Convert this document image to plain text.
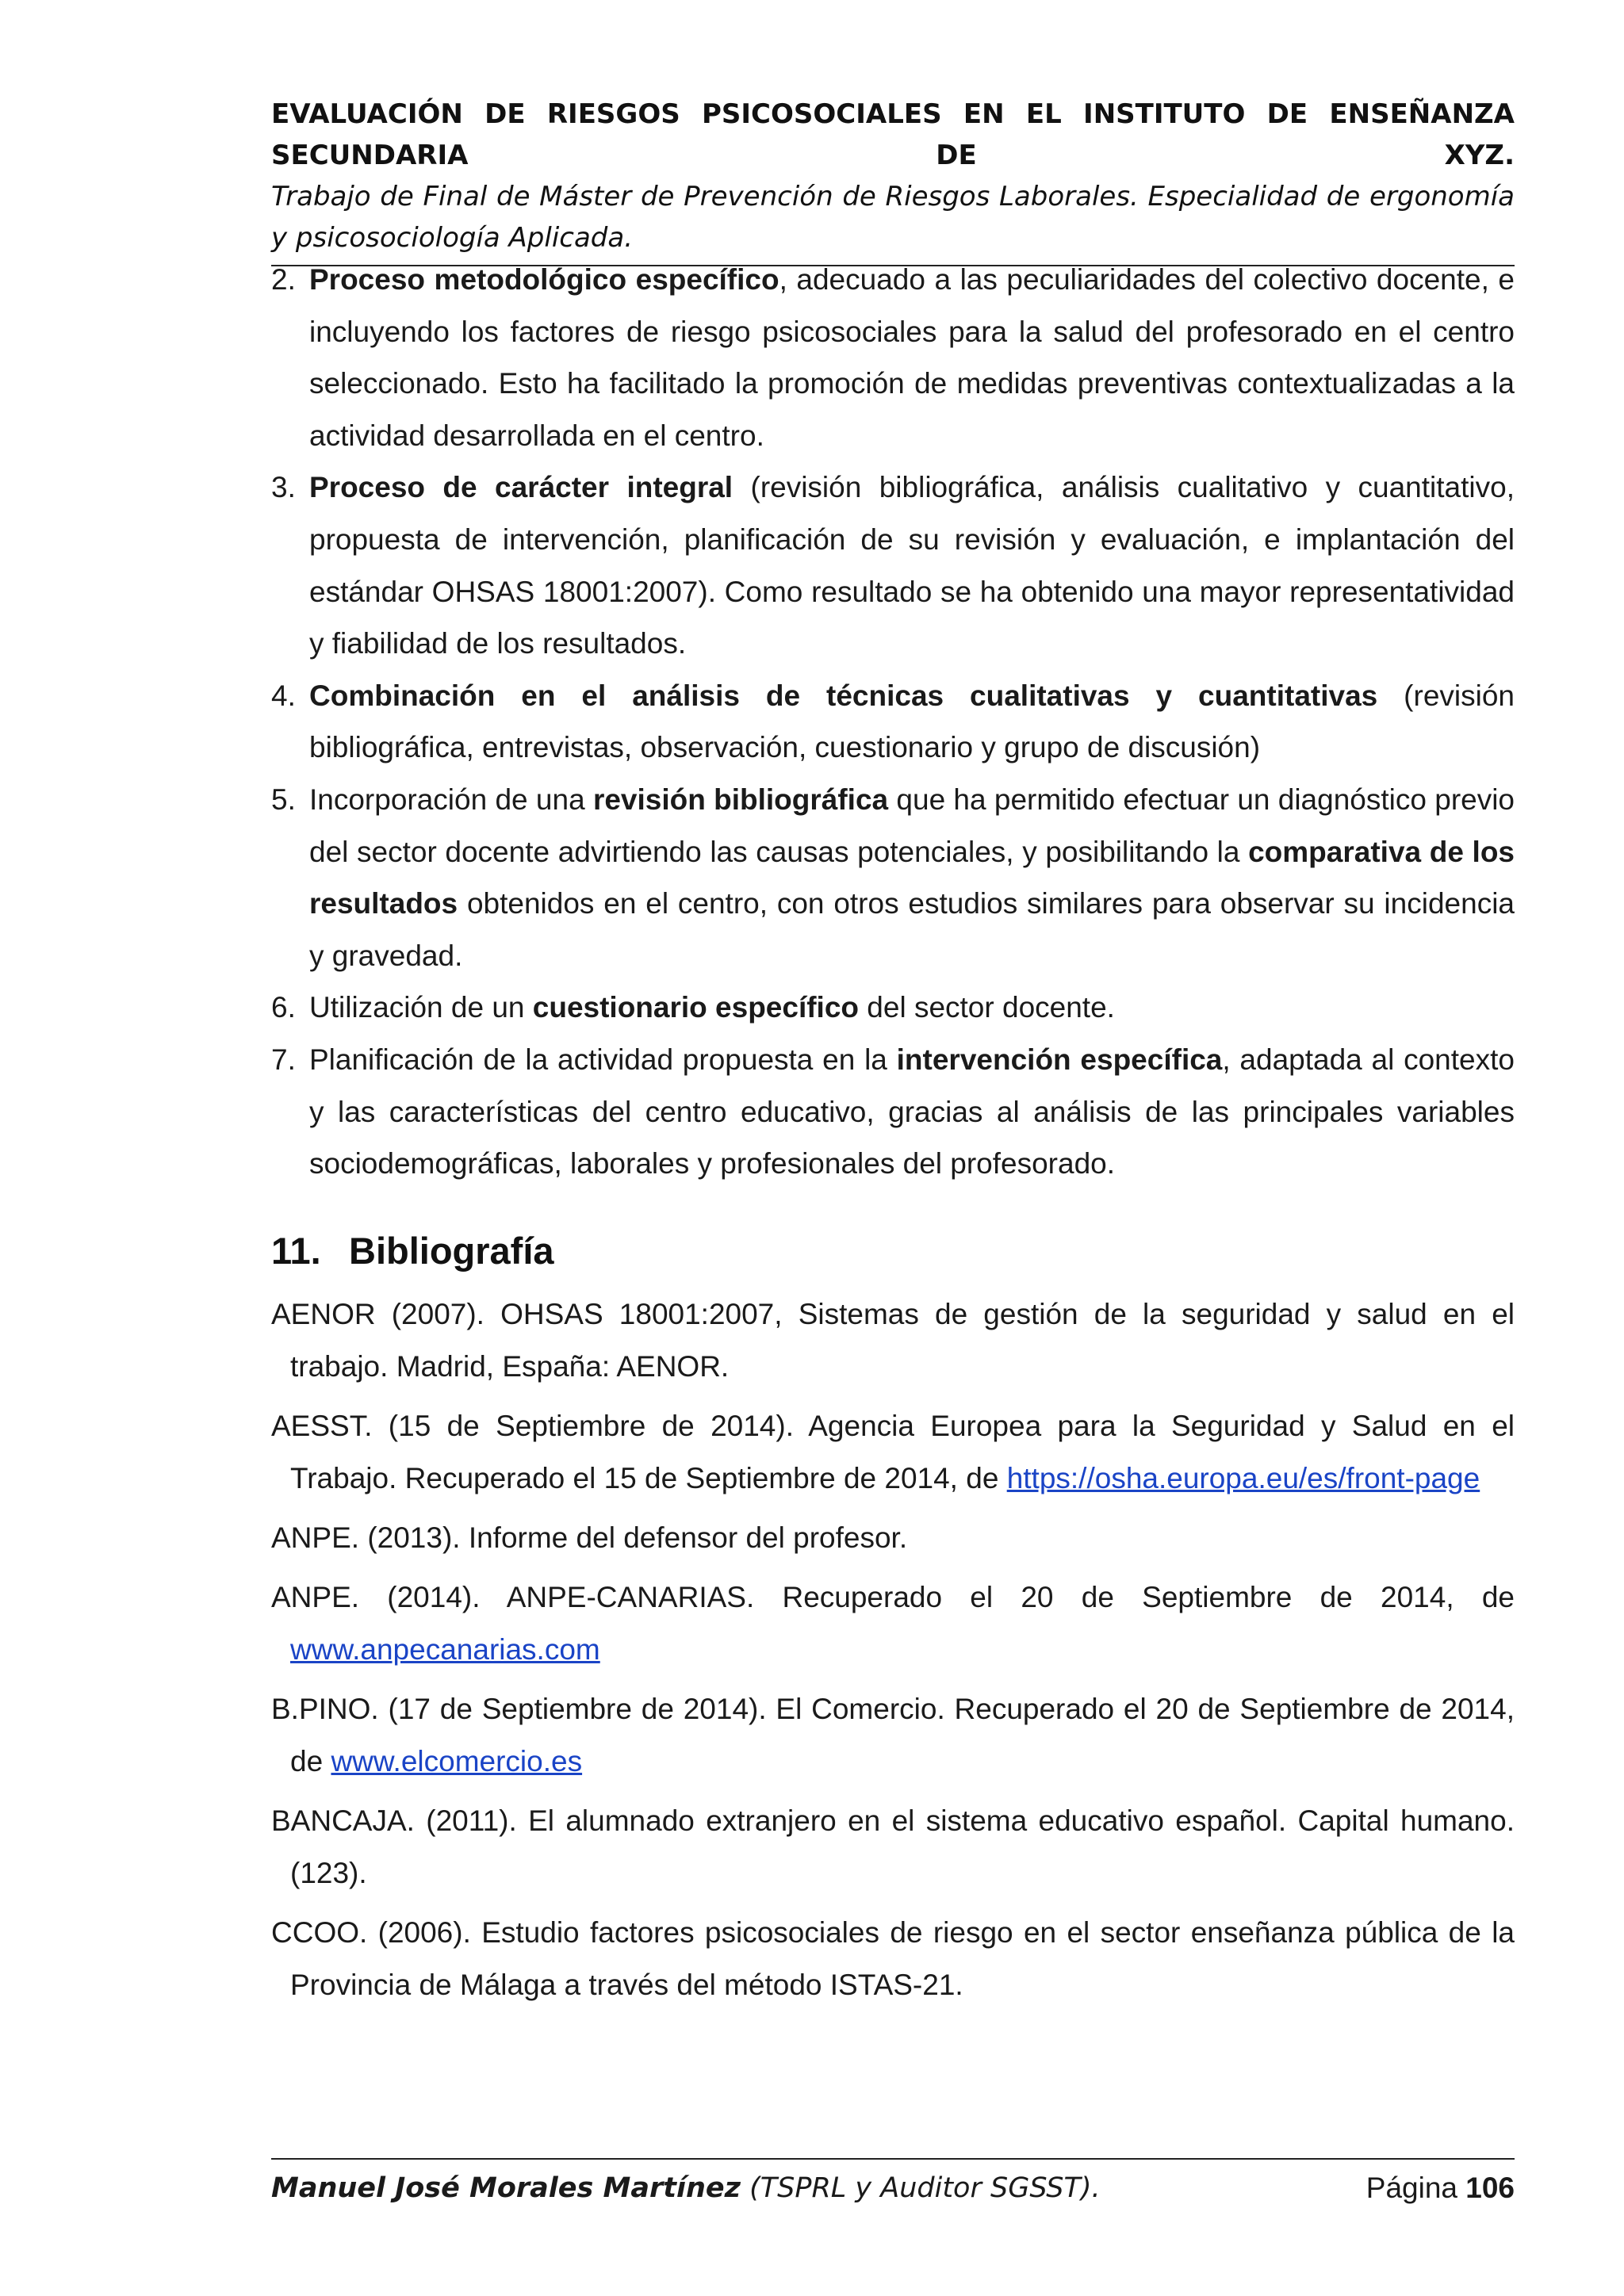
EVALUACIÓN DE RIESGOS PSICOSOCIALES EN EL INSTITUTO DE ENSEÑANZA SECUNDARIA DE XYZ.
Trabajo de Final de Máster de Prevención de Riesgos Laborales. Especialidad de ergonomía y psicosociología Aplicada.
2. Proceso metodológico específico, adecuado a las peculiaridades del colectivo docente, e incluyendo los factores de riesgo psicosociales para la salud del profesorado en el centro seleccionado. Esto ha facilitado la promoción de medidas preventivas contextualizadas a la actividad desarrollada en el centro.
3. Proceso de carácter integral (revisión bibliográfica, análisis cualitativo y cuantitativo, propuesta de intervención, planificación de su revisión y evaluación, e implantación del estándar OHSAS 18001:2007). Como resultado se ha obtenido una mayor representatividad y fiabilidad de los resultados.
4. Combinación en el análisis de técnicas cualitativas y cuantitativas (revisión bibliográfica, entrevistas, observación, cuestionario y grupo de discusión)
5. Incorporación de una revisión bibliográfica que ha permitido efectuar un diagnóstico previo del sector docente advirtiendo las causas potenciales, y posibilitando la comparativa de los resultados obtenidos en el centro, con otros estudios similares para observar su incidencia y gravedad.
6. Utilización de un cuestionario específico del sector docente.
7. Planificación de la actividad propuesta en la intervención específica, adaptada al contexto y las características del centro educativo, gracias al análisis de las principales variables sociodemográficas, laborales y profesionales del profesorado.
11. Bibliografía

AENOR (2007). OHSAS 18001:2007, Sistemas de gestión de la seguridad y salud en el trabajo. Madrid, España: AENOR.

AESST. (15 de Septiembre de 2014). Agencia Europea para la Seguridad y Salud en el Trabajo. Recuperado el 15 de Septiembre de 2014, de https://osha.europa.eu/es/front-page

ANPE. (2013). Informe del defensor del profesor.

ANPE. (2014). ANPE-CANARIAS. Recuperado el 20 de Septiembre de 2014, de www.anpecanarias.com

B.PINO. (17 de Septiembre de 2014). El Comercio. Recuperado el 20 de Septiembre de 2014, de www.elcomercio.es

BANCAJA. (2011). El alumnado extranjero en el sistema educativo español. Capital humano.(123).

CCOO. (2006). Estudio factores psicosociales de riesgo en el sector enseñanza pública de la Provincia de Málaga a través del método ISTAS-21.

Manuel José Morales Martínez (TSPRL y Auditor SGSST).	Página 106
